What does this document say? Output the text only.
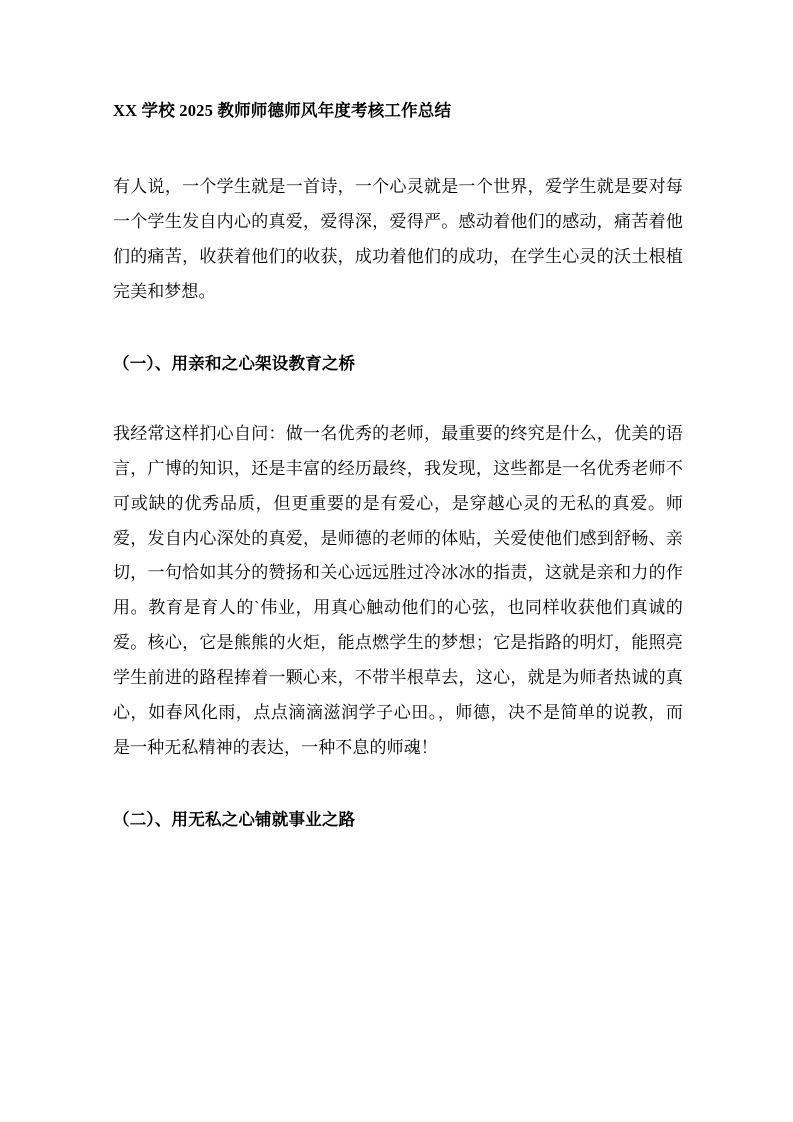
XX 学校 2025 教师师德师风年度考核工作总结

有人说，一个学生就是一首诗，一个心灵就是一个世界，爱学生就是要对每一个学生发自内心的真爱，爱得深，爱得严。感动着他们的感动，痛苦着他们的痛苦，收获着他们的收获，成功着他们的成功，在学生心灵的沃土根植完美和梦想。

（一）、用亲和之心架设教育之桥

我经常这样扪心自问：做一名优秀的老师，最重要的终究是什么，优美的语言，广博的知识，还是丰富的经历最终，我发现，这些都是一名优秀老师不可或缺的优秀品质，但更重要的是有爱心，是穿越心灵的无私的真爱。师爱，发自内心深处的真爱，是师德的老师的体贴，关爱使他们感到舒畅、亲切，一句恰如其分的赞扬和关心远远胜过冷冰冰的指责，这就是亲和力的作用。教育是育人的`伟业，用真心触动他们的心弦，也同样收获他们真诚的爱。核心，它是熊熊的火炬，能点燃学生的梦想；它是指路的明灯，能照亮学生前进的路程捧着一颗心来，不带半根草去，这心，就是为师者热诚的真心，如春风化雨，点点滴滴滋润学子心田。，师德，决不是简单的说教，而是一种无私精神的表达，一种不息的师魂！

（二）、用无私之心铺就事业之路
